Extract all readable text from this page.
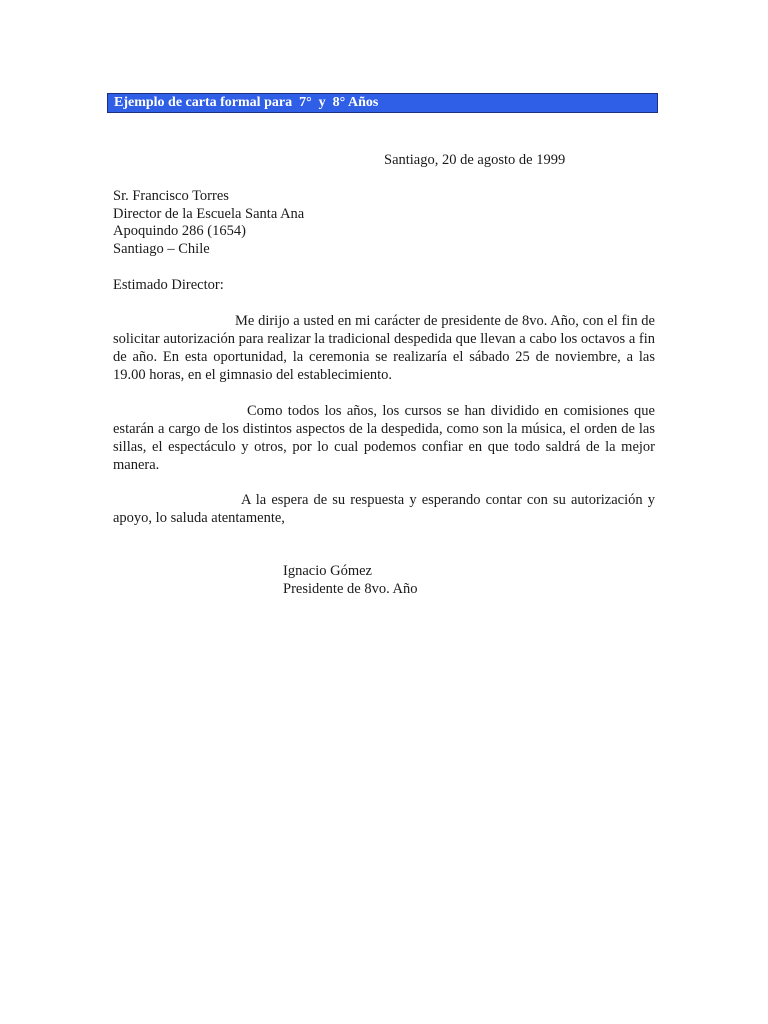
Ejemplo de carta formal para  7°  y  8° Años
Santiago, 20 de agosto de 1999
Sr. Francisco Torres
Director de la Escuela Santa Ana
Apoquindo 286 (1654)
Santiago – Chile
Estimado Director:
Me dirijo a usted en mi carácter de presidente de 8vo. Año, con el fin de solicitar autorización para realizar la tradicional despedida que llevan a cabo los octavos a fin de año. En esta oportunidad, la ceremonia se realizaría el sábado 25 de noviembre, a las 19.00 horas, en el gimnasio del establecimiento.
Como todos los años, los cursos se han dividido en comisiones que estarán a cargo de los distintos aspectos de la despedida, como son la música, el orden de las sillas, el espectáculo y otros, por lo cual podemos confiar en que todo saldrá de la mejor manera.
A la espera de su respuesta y esperando contar con su autorización y apoyo, lo saluda atentamente,
Ignacio Gómez
Presidente de 8vo. Año
